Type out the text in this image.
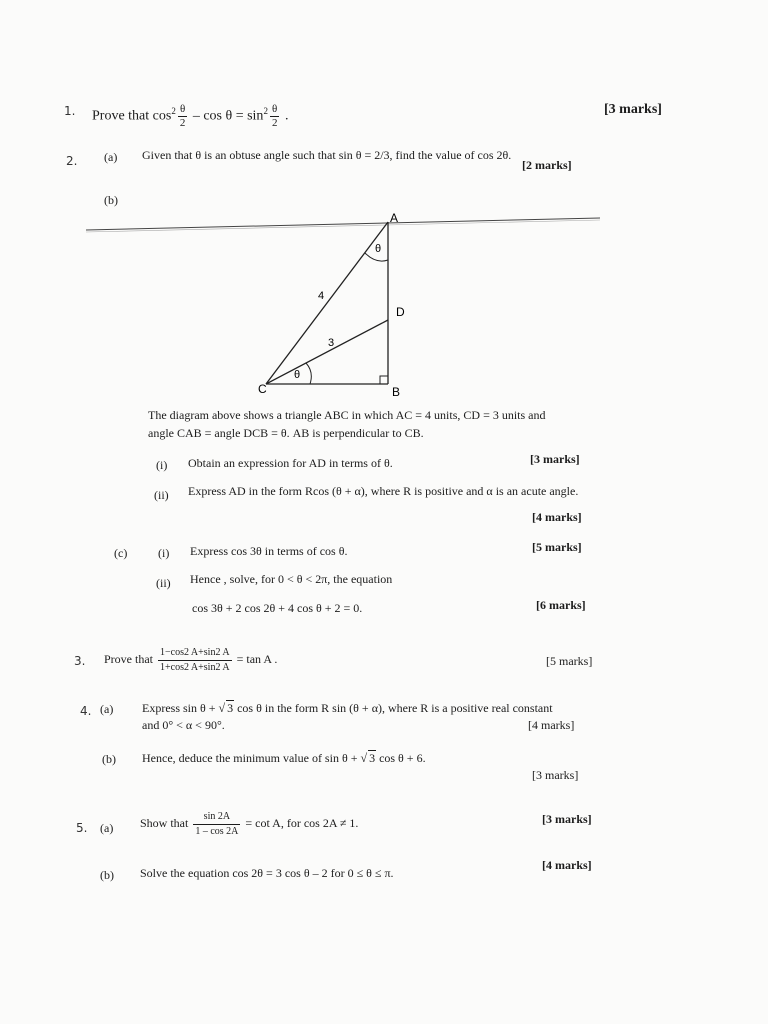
1. Prove that $\cos^2 \frac{\theta}{2} - \cos \theta = \sin^2 \frac{\theta}{2}$ .	[3 marks]
2. (a) Given that θ is an obtuse angle such that sin θ = 2/3, find the value of cos 2θ.
[2 marks]
(b)
A
B
C
D
4
3
θ
θ
The diagram above shows a triangle ABC in which AC = 4 units, CD = 3 units and
angle CAB = angle DCB = θ. AB is perpendicular to CB.
(i) Obtain an expression for AD in terms of θ.	[3 marks]
(ii) Express AD in the form Rcos (θ + α), where R is positive and α is an acute angle.
[4 marks]
(c)	(i) Express cos 3θ in terms of cos θ.	[5 marks]
(ii) Hence , solve, for 0 < θ < 2π, the equation
cos 3θ + 2 cos 2θ + 4 cos θ + 2 = 0.	[6 marks]
3. Prove that $\frac{1-\cos 2 A+\sin 2 A}{1+\cos 2 A+\sin 2 A} = \tan A$ .	[5 marks]
4. (a) Express sin θ + √ 3 cos θ in the form R sin (θ + α), where R is a positive real constant
and 0° < α < 90°.	[4 marks]
(b) Hence, deduce the minimum value of sin θ + √ 3 cos θ + 6.
[3 marks]
5. (a) Show that $\frac{\sin 2A}{1 - \cos 2A} = \cot A$, for cos 2A ≠ 1.	[3 marks]
(b) Solve the equation cos 2θ = 3 cos θ – 2 for 0 ≤ θ ≤ π.
[4 marks]
